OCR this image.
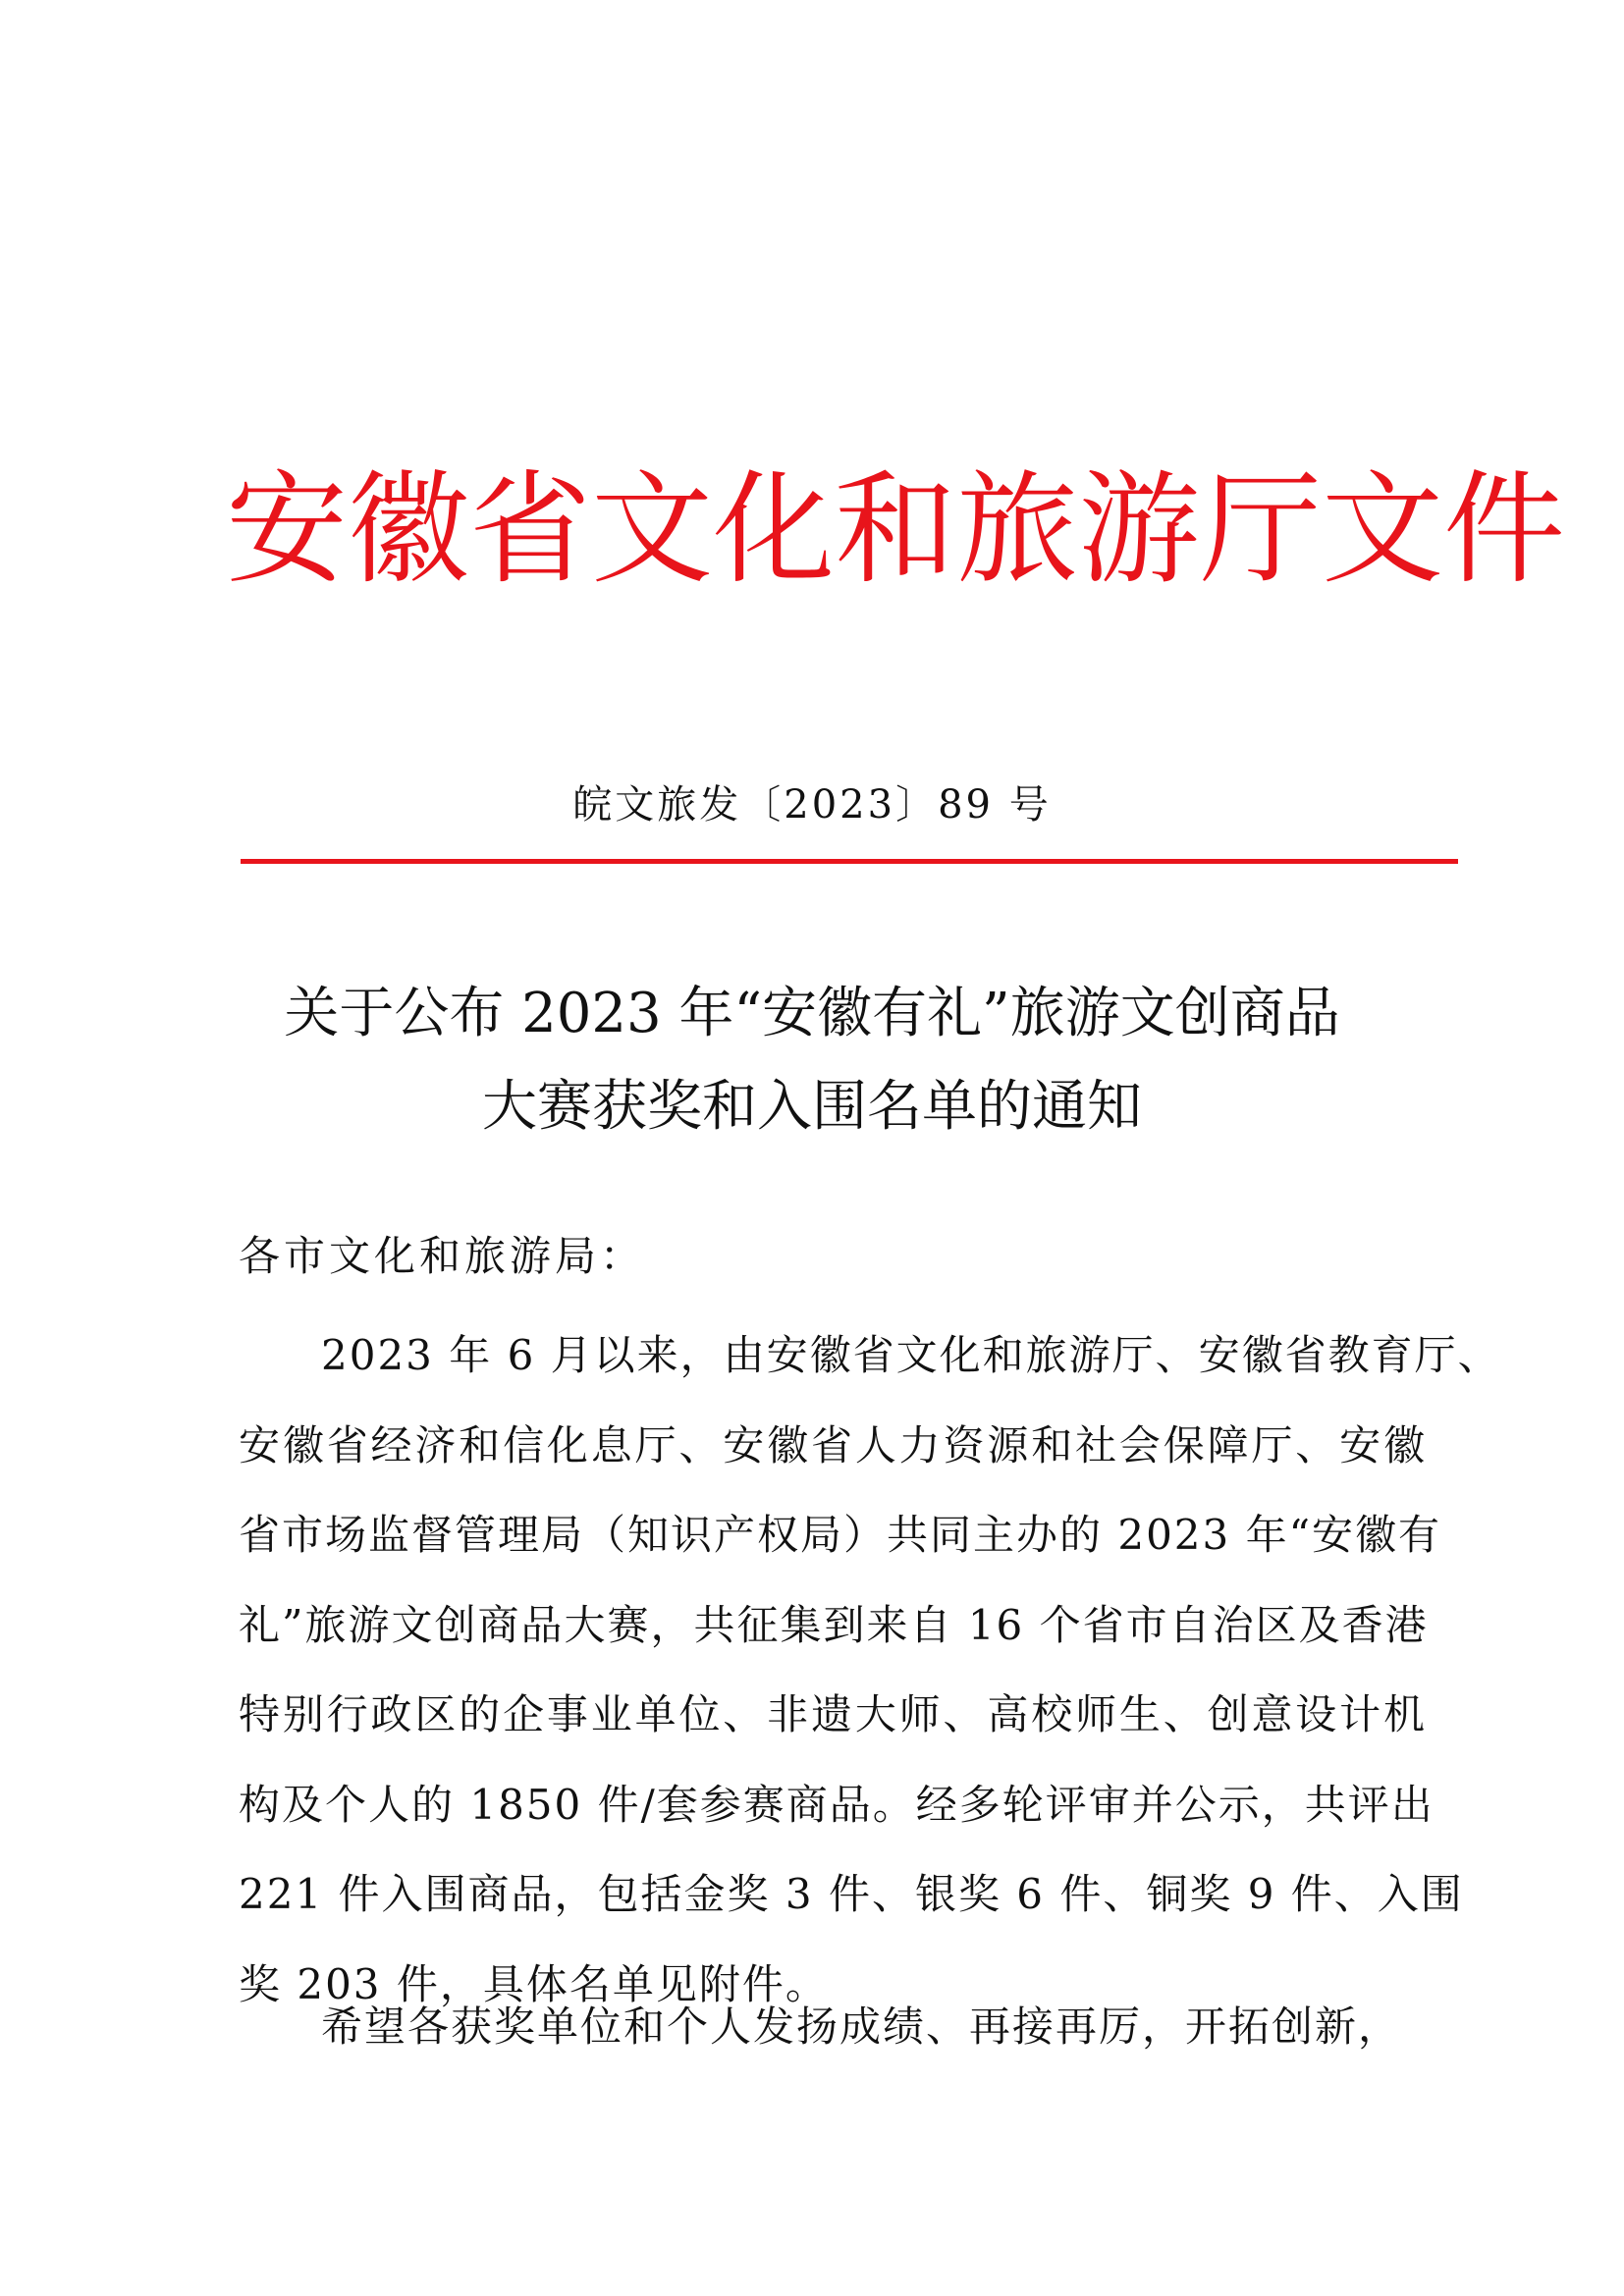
安徽省文化和旅游厅文件
皖文旅发〔2023〕89 号
关于公布 2023 年“安徽有礼”旅游文创商品
大赛获奖和入围名单的通知
各市文化和旅游局：
2023 年 6 月以来，由安徽省文化和旅游厅、安徽省教育厅、
安徽省经济和信化息厅、安徽省人力资源和社会保障厅、安徽
省市场监督管理局（知识产权局）共同主办的 2023 年“安徽有
礼”旅游文创商品大赛，共征集到来自 16 个省市自治区及香港
特别行政区的企事业单位、非遗大师、高校师生、创意设计机
构及个人的 1850 件/套参赛商品。经多轮评审并公示，共评出
221 件入围商品，包括金奖 3 件、银奖 6 件、铜奖 9 件、入围
奖 203 件，具体名单见附件。
希望各获奖单位和个人发扬成绩、再接再厉，开拓创新，
